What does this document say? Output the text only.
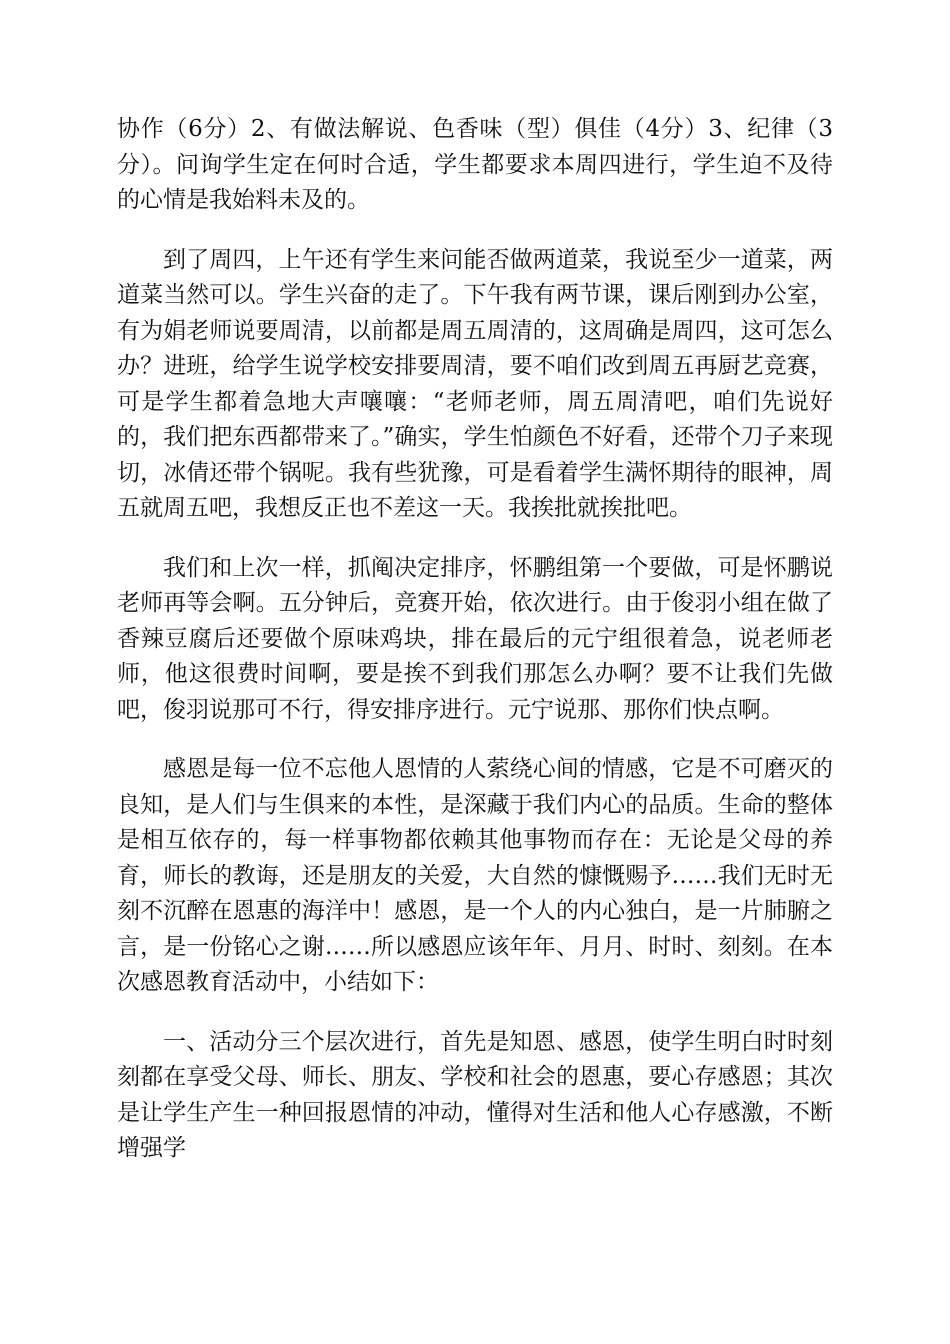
协作（6分）2、有做法解说、色香味（型）俱佳（4分）3、纪律（3分）。问询学生定在何时合适，学生都要求本周四进行，学生迫不及待的心情是我始料未及的。

到了周四，上午还有学生来问能否做两道菜，我说至少一道菜，两道菜当然可以。学生兴奋的走了。下午我有两节课，课后刚到办公室，有为娟老师说要周清，以前都是周五周清的，这周确是周四，这可怎么办？进班，给学生说学校安排要周清，要不咱们改到周五再厨艺竞赛，可是学生都着急地大声嚷嚷：“老师老师，周五周清吧，咱们先说好的，我们把东西都带来了。”确实，学生怕颜色不好看，还带个刀子来现切，冰倩还带个锅呢。我有些犹豫，可是看着学生满怀期待的眼神，周五就周五吧，我想反正也不差这一天。我挨批就挨批吧。

我们和上次一样，抓阄决定排序，怀鹏组第一个要做，可是怀鹏说老师再等会啊。五分钟后，竞赛开始，依次进行。由于俊羽小组在做了香辣豆腐后还要做个原味鸡块，排在最后的元宁组很着急，说老师老师，他这很费时间啊，要是挨不到我们那怎么办啊？要不让我们先做吧，俊羽说那可不行，得安排序进行。元宁说那、那你们快点啊。

感恩是每一位不忘他人恩情的人萦绕心间的情感，它是不可磨灭的良知，是人们与生俱来的本性，是深藏于我们内心的品质。生命的整体是相互依存的，每一样事物都依赖其他事物而存在：无论是父母的养育，师长的教诲，还是朋友的关爱，大自然的慷慨赐予……我们无时无刻不沉醉在恩惠的海洋中！感恩，是一个人的内心独白，是一片肺腑之言，是一份铭心之谢……所以感恩应该年年、月月、时时、刻刻。在本次感恩教育活动中，小结如下：

一、活动分三个层次进行，首先是知恩、感恩，使学生明白时时刻刻都在享受父母、师长、朋友、学校和社会的恩惠，要心存感恩；其次是让学生产生一种回报恩情的冲动，懂得对生活和他人心存感激，不断增强学
